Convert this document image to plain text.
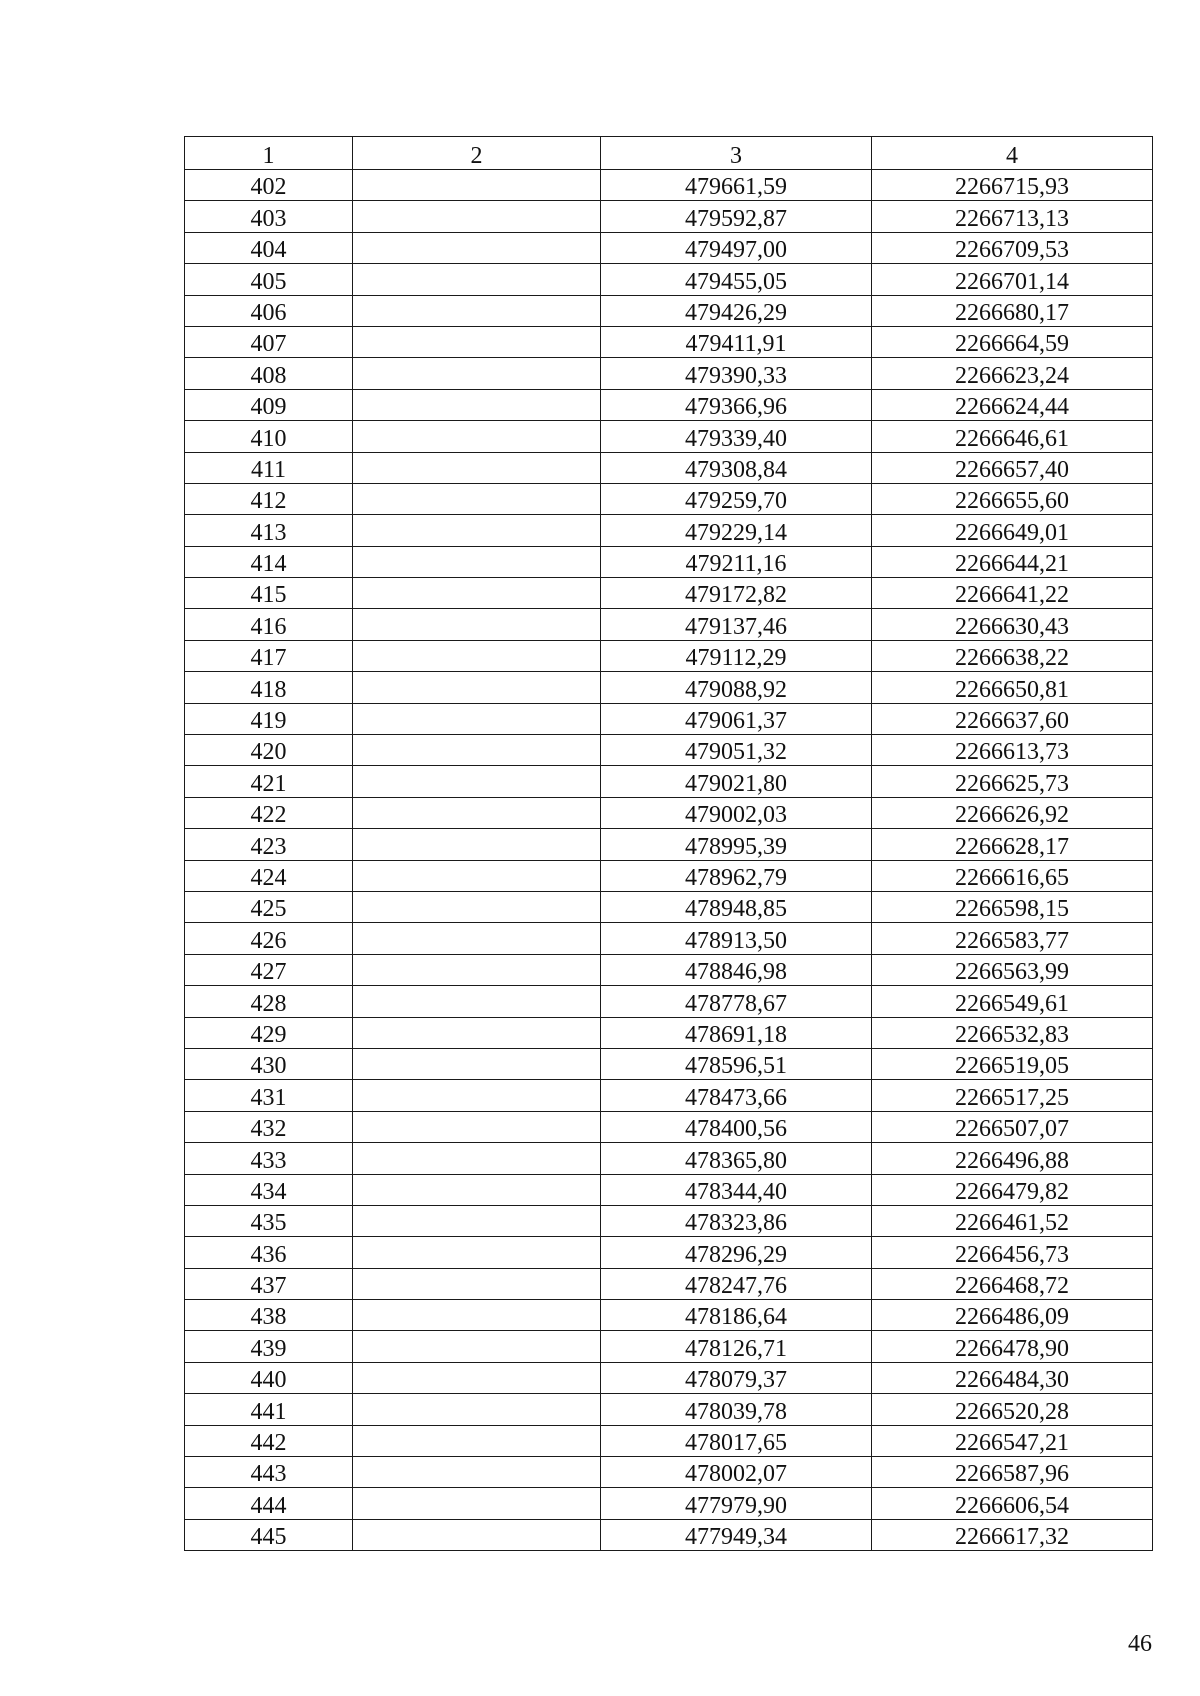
1	2	3	4
402		479661,59	2266715,93
403		479592,87	2266713,13
404		479497,00	2266709,53
405		479455,05	2266701,14
406		479426,29	2266680,17
407		479411,91	2266664,59
408		479390,33	2266623,24
409		479366,96	2266624,44
410		479339,40	2266646,61
411		479308,84	2266657,40
412		479259,70	2266655,60
413		479229,14	2266649,01
414		479211,16	2266644,21
415		479172,82	2266641,22
416		479137,46	2266630,43
417		479112,29	2266638,22
418		479088,92	2266650,81
419		479061,37	2266637,60
420		479051,32	2266613,73
421		479021,80	2266625,73
422		479002,03	2266626,92
423		478995,39	2266628,17
424		478962,79	2266616,65
425		478948,85	2266598,15
426		478913,50	2266583,77
427		478846,98	2266563,99
428		478778,67	2266549,61
429		478691,18	2266532,83
430		478596,51	2266519,05
431		478473,66	2266517,25
432		478400,56	2266507,07
433		478365,80	2266496,88
434		478344,40	2266479,82
435		478323,86	2266461,52
436		478296,29	2266456,73
437		478247,76	2266468,72
438		478186,64	2266486,09
439		478126,71	2266478,90
440		478079,37	2266484,30
441		478039,78	2266520,28
442		478017,65	2266547,21
443		478002,07	2266587,96
444		477979,90	2266606,54
445		477949,34	2266617,32
46
